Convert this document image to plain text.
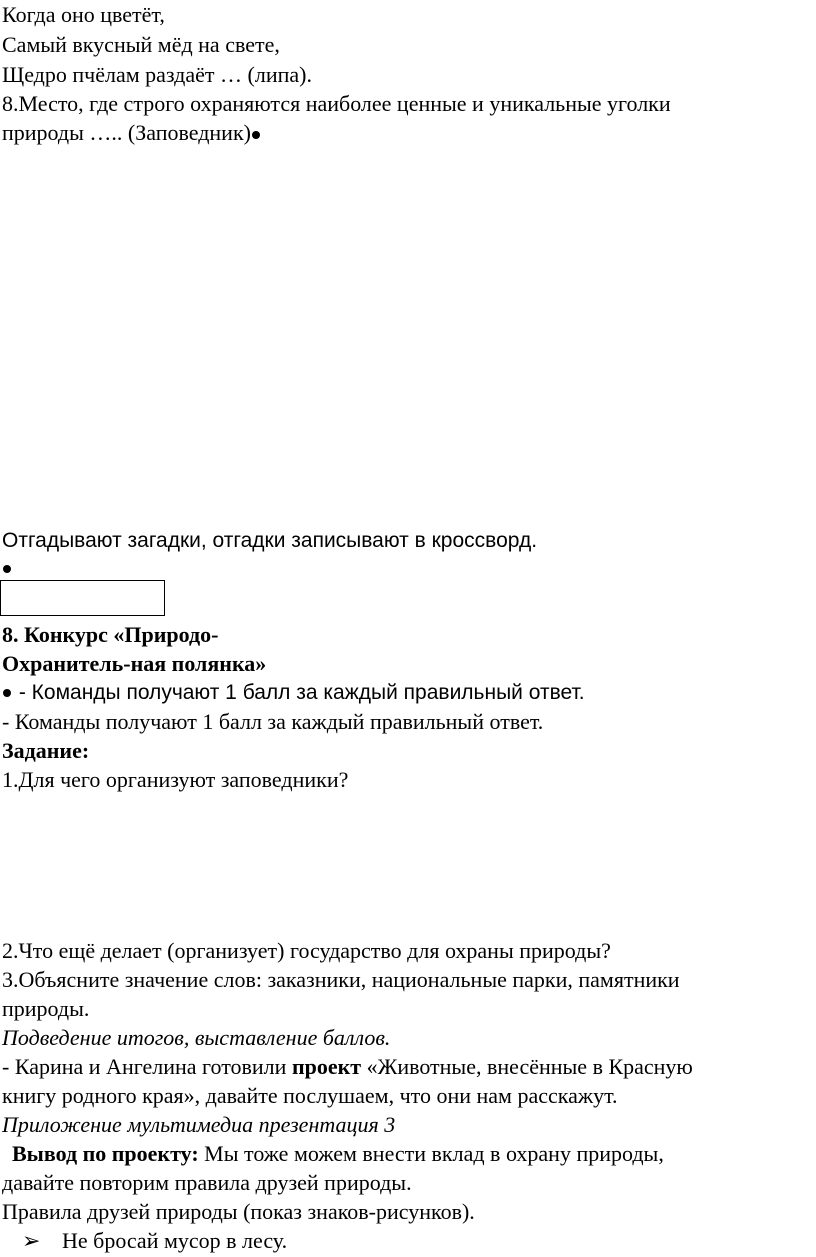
Когда оно цветёт,
Самый вкусный мёд на свете,
Щедро пчёлам раздаёт … (липа).
8.Место, где строго охраняются наиболее ценные и уникальные уголки
природы ….. (Заповедник)
Отгадывают загадки, отгадки записывают в кроссворд.
8. Конкурс «Природо-
Охранитель-ная полянка»
- Команды получают 1 балл за каждый правильный ответ.
- Команды получают 1 балл за каждый правильный ответ.
Задание:
1.Для чего организуют заповедники?
2.Что ещё делает (организует) государство для охраны природы?
3.Объясните значение слов: заказники, национальные парки, памятники
природы.
Подведение итогов, выставление баллов.
- Карина и Ангелина готовили проект «Животные, внесённые в Красную
книгу родного края», давайте послушаем, что они нам расскажут.
Приложение мультимедиа презентация 3
Вывод по проекту: Мы тоже можем внести вклад в охрану природы,
давайте повторим правила друзей природы.
Правила друзей природы (показ знаков-рисунков).
➢ Не бросай мусор в лесу.
